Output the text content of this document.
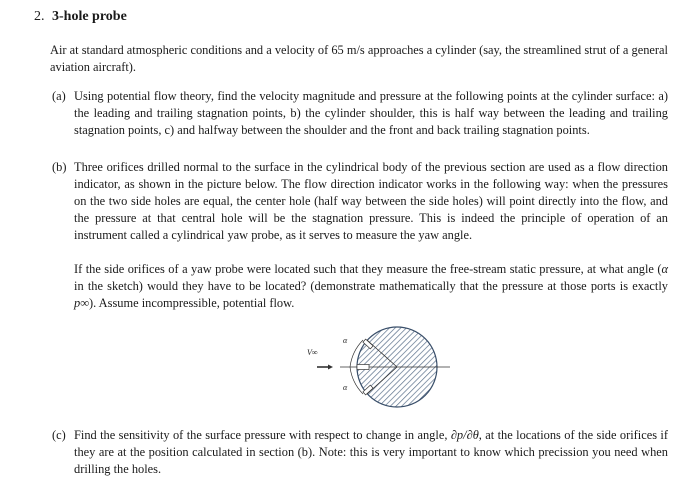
2. 3-hole probe

Air at standard atmospheric conditions and a velocity of 65 m/s approaches a cylinder (say, the streamlined strut of a general aviation aircraft).

(a) Using potential flow theory, find the velocity magnitude and pressure at the following points at the cylinder surface: a) the leading and trailing stagnation points, b) the cylinder shoulder, this is half way between the leading and trailing stagnation points, c) and halfway between the shoulder and the front and back trailing stagnation points.

(b) Three orifices drilled normal to the surface in the cylindrical body of the previous section are used as a flow direction indicator, as shown in the picture below. The flow direction indicator works in the following way: when the pressures on the two side holes are equal, the center hole (half way between the side holes) will point directly into the flow, and the pressure at that central hole will be the stagnation pressure. This is indeed the principle of operation of an instrument called a cylindrical yaw probe, as it serves to measure the yaw angle.

If the side orifices of a yaw probe were located such that they measure the free-stream static pressure, at what angle (α in the sketch) would they have to be located? (demonstrate mathematically that the pressure at those ports is exactly p∞). Assume incompressible, potential flow.

V∞
α
α
(c) Find the sensitivity of the surface pressure with respect to change in angle, ∂p/∂θ, at the locations of the side orifices if they are at the position calculated in section (b). Note: this is very important to know which precission you need when drilling the holes.
